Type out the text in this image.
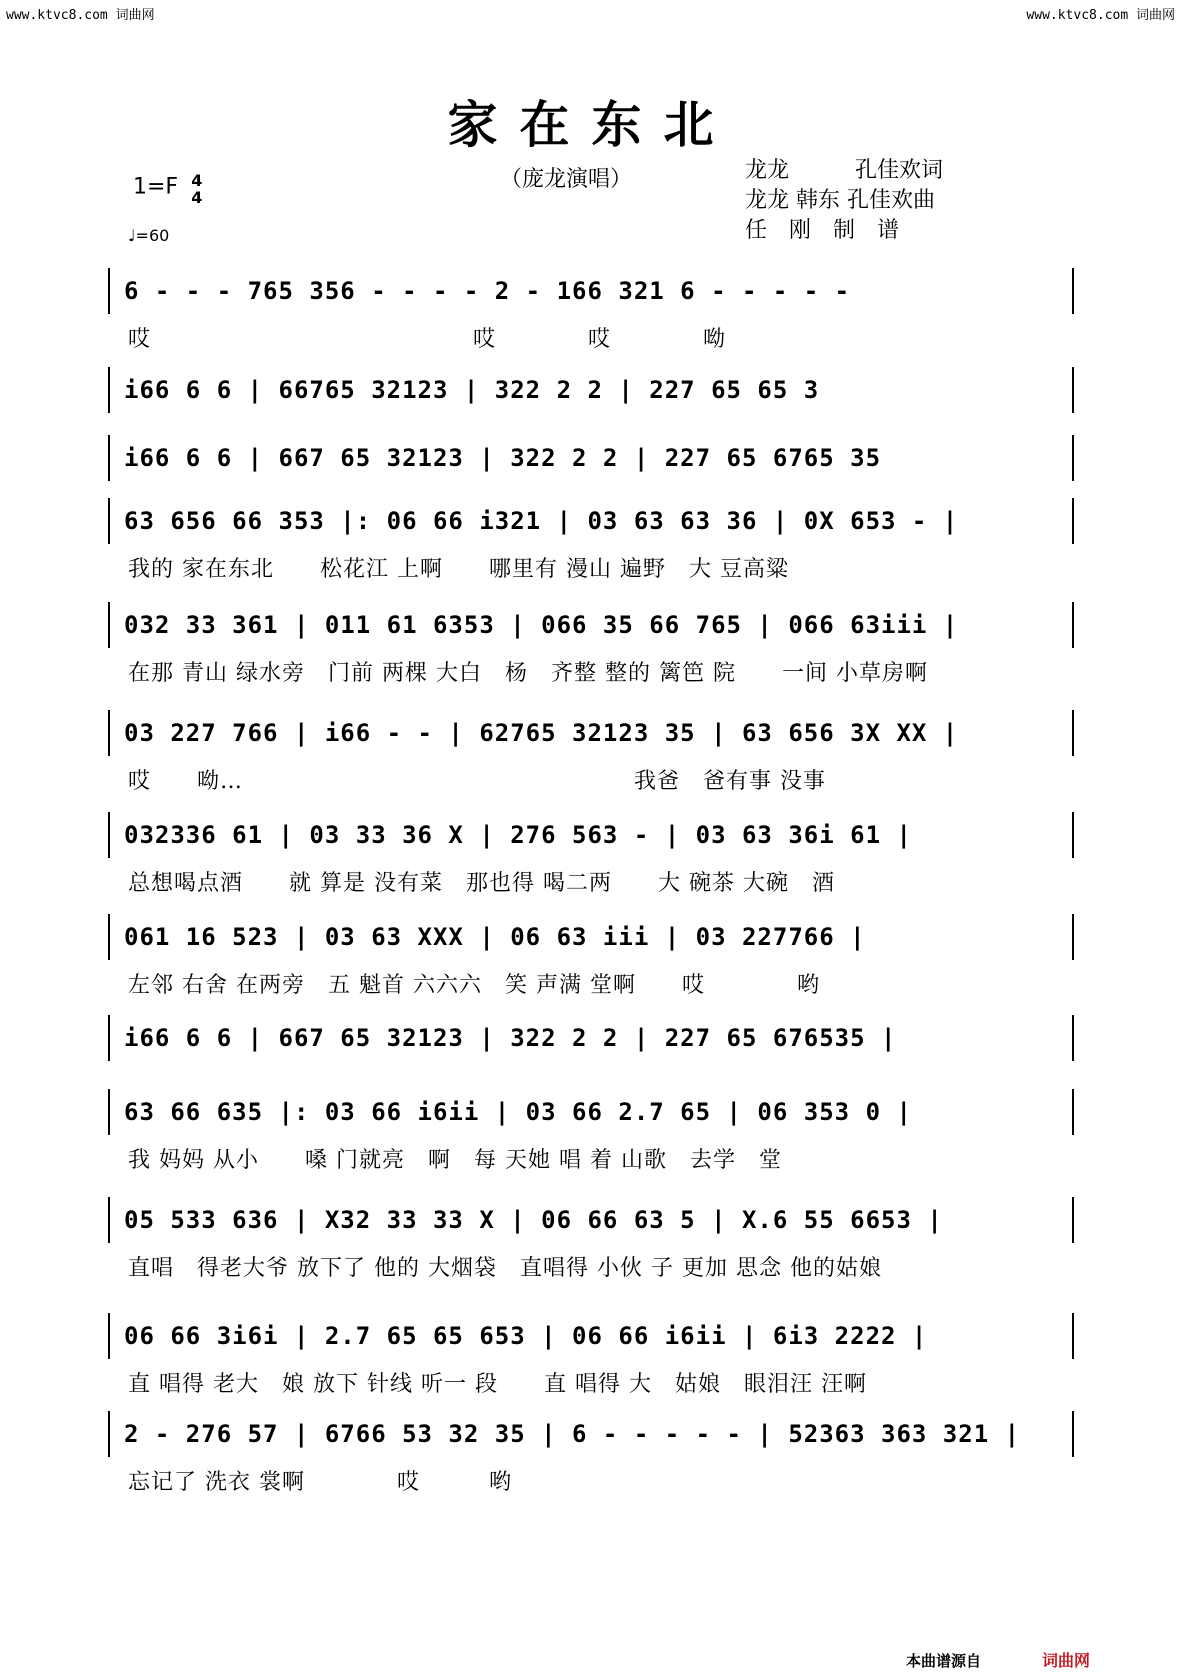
www.ktvc8.com 词曲网	www.ktvc8.com 词曲网
家在东北
1=F 4
4
♩=60
（庞龙演唱）	龙龙　　　孔佳欢词
龙龙 韩东 孔佳欢曲
任　刚　制　谱
6 - - - 765 356 - - - - 2 - 166 321 6 - - - - -
哎　　　　　　　　　　　　　　哎　　　　哎　　　　呦
i66 6 6 | 66765 32123 | 322 2 2 | 227 65 65 3
i66 6 6 | 667 65 32123 | 322 2 2 | 227 65 6765 35
63 656 66 353 |: 06 66 i321 | 03 63 63 36 | 0X 653 - |
我的 家在东北　　松花江 上啊　　哪里有 漫山 遍野　大 豆高粱
032 33 361 | 011 61 6353 | 066 35 66 765 | 066 63iii |
在那 青山 绿水旁　门前 两棵 大白　杨　齐整 整的 篱笆 院　　一间 小草房啊
03 227 766 | i66 - - | 62765 32123 35 | 63 656 3X XX |
哎　　呦…　　　　　　　　　　　　　　　　　我爸　爸有事 没事
032336 61 | 03 33 36 X | 276 563 - | 03 63 36i 61 |
总想喝点酒　　就 算是 没有菜　那也得 喝二两　　大 碗茶 大碗　酒
061 16 523 | 03 63 XXX | 06 63 iii | 03 227766 |
左邻 右舍 在两旁　五 魁首 六六六　笑 声满 堂啊　　哎　　　　哟
i66 6 6 | 667 65 32123 | 322 2 2 | 227 65 676535 |
63 66 635 |: 03 66 i6ii | 03 66 2.7 65 | 06 353 0 |
我 妈妈 从小　　嗓 门就亮　啊　每 天她 唱 着 山歌　去学　堂
05 533 636 | X32 33 33 X | 06 66 63 5 | X.6 55 6653 |
直唱　得老大爷 放下了 他的 大烟袋　直唱得 小伙 子 更加 思念 他的姑娘
06 66 3i6i | 2.7 65 65 653 | 06 66 i6ii | 6i3 2222 |
直 唱得 老大　娘 放下 针线 听一 段　　直 唱得 大　姑娘　眼泪汪 汪啊
2 - 276 57 | 6766 53 32 35 | 6 - - - - - | 52363 363 321 |
忘记了 洗衣 裳啊　　　　哎　　　哟
本曲谱源自	词曲网
